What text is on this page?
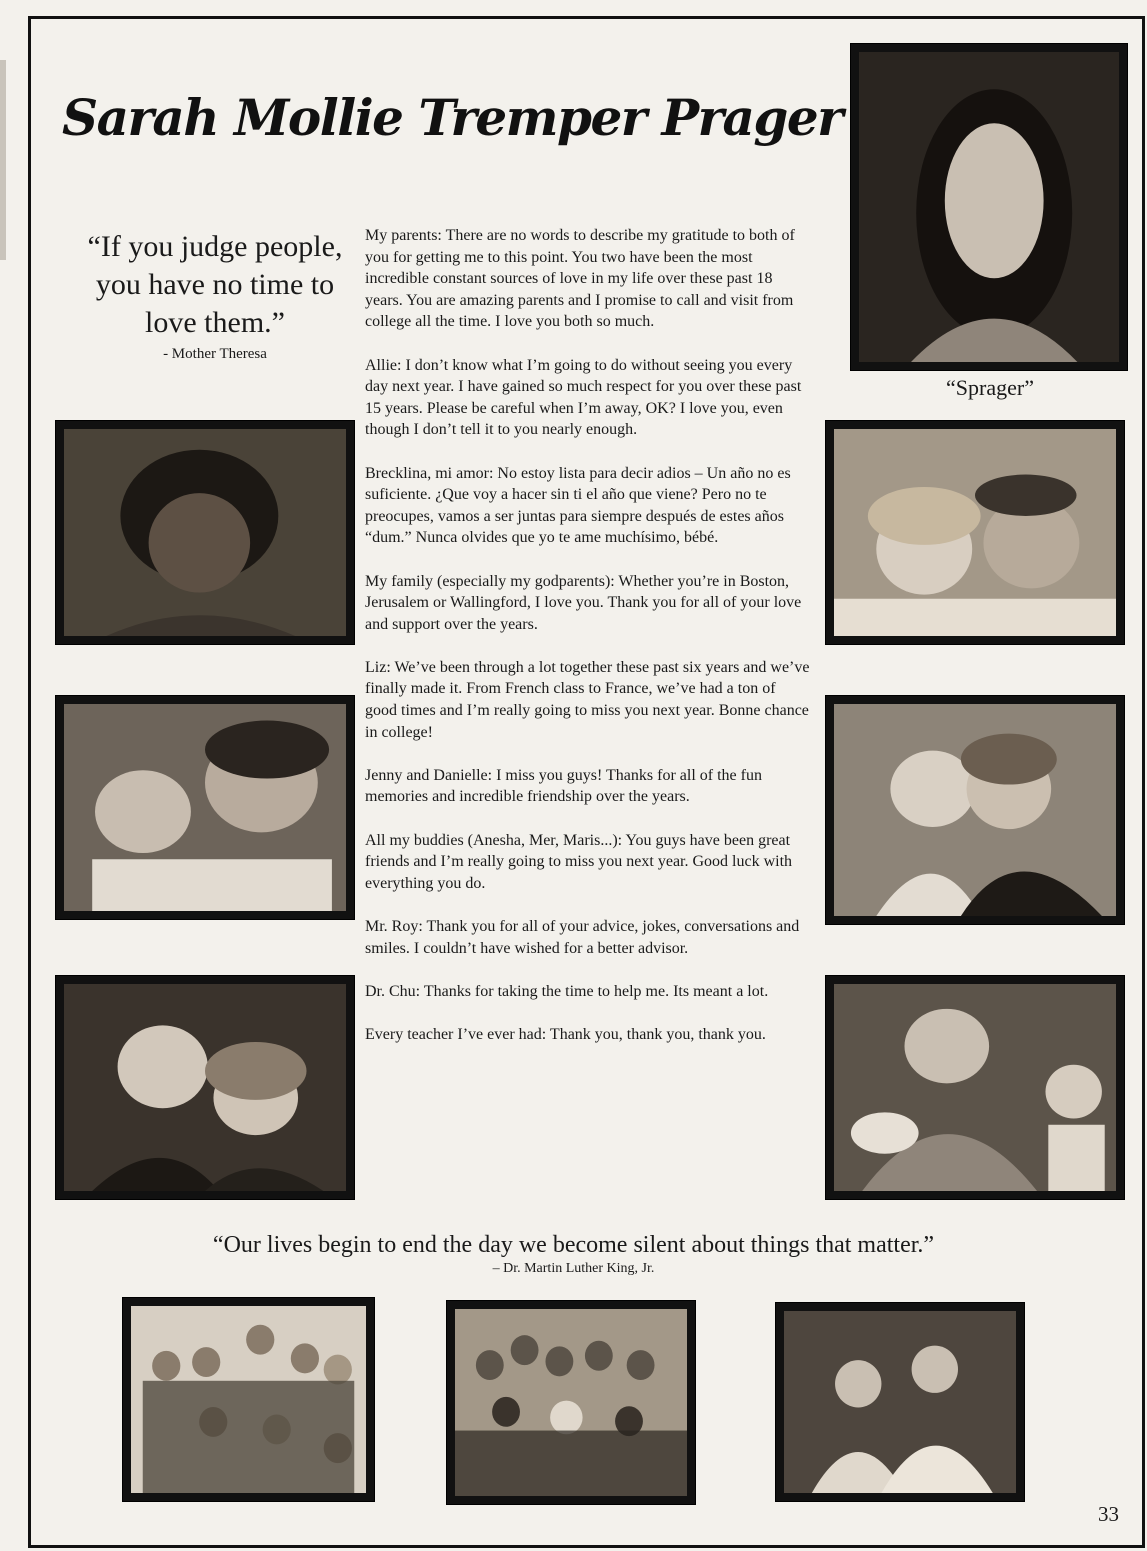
Sarah Mollie Tremper Prager
“If you judge people, you have no time to love them.”
- Mother Theresa

My parents: There are no words to describe my gratitude to both of you for getting me to this point. You two have been the most incredible constant sources of love in my life over these past 18 years. You are amazing parents and I promise to call and visit from college all the time. I love you both so much.

Allie: I don’t know what I’m going to do without seeing you every day next year. I have gained so much respect for you over these past 15 years. Please be careful when I’m away, OK? I love you, even though I don’t tell it to you nearly enough.

Brecklina, mi amor: No estoy lista para decir adios – Un año no es suficiente. ¿Que voy a hacer sin ti el año que viene? Pero no te preocupes, vamos a ser juntas para siempre después de estes años “dum.” Nunca olvides que yo te ame muchísimo, bébé.

My family (especially my godparents): Whether you’re in Boston, Jerusalem or Wallingford, I love you. Thank you for all of your love and support over the years.

Liz: We’ve been through a lot together these past six years and we’ve finally made it. From French class to France, we’ve had a ton of good times and I’m really going to miss you next year. Bonne chance in college!

Jenny and Danielle: I miss you guys! Thanks for all of the fun memories and incredible friendship over the years.

All my buddies (Anesha, Mer, Maris...): You guys have been great friends and I’m really going to miss you next year. Good luck with everything you do.

Mr. Roy: Thank you for all of your advice, jokes, conversations and smiles. I couldn’t have wished for a better advisor.

Dr. Chu: Thanks for taking the time to help me. Its meant a lot.

Every teacher I’ve ever had: Thank you, thank you, thank you.

“Sprager”
“Our lives begin to end the day we become silent about things that matter.”
– Dr. Martin Luther King, Jr.
33
